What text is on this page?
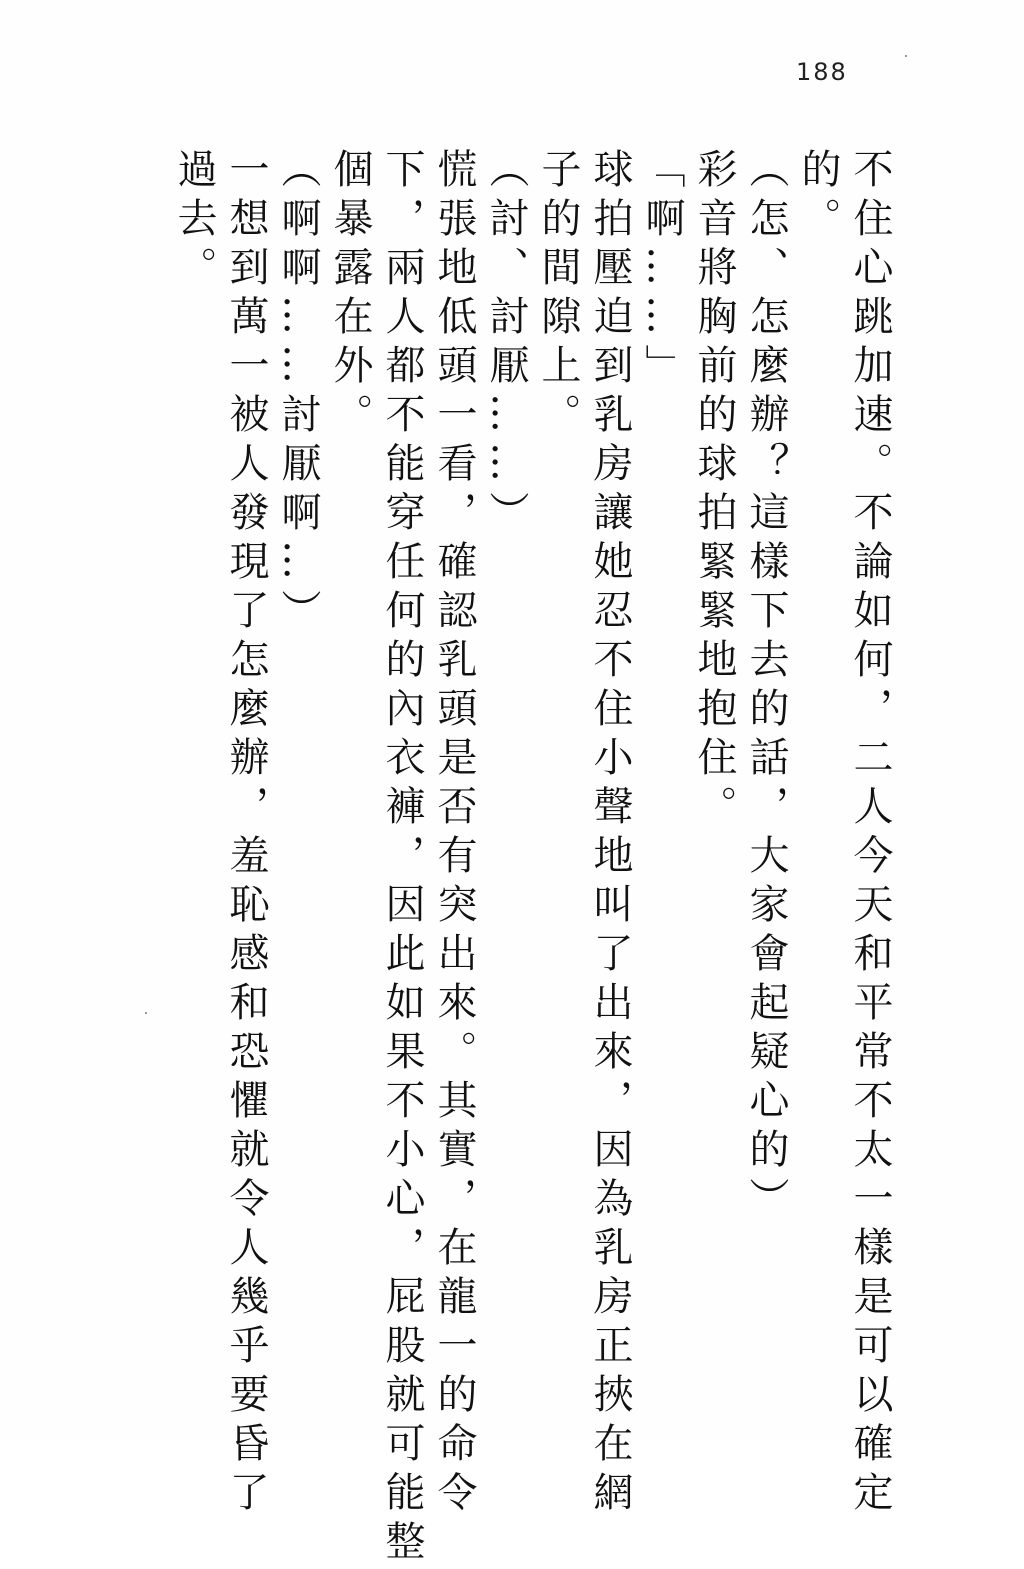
188
不住心跳加速。不論如何，二人今天和平常不太一樣是可以確定
的。
（怎、怎麼辦？這樣下去的話，大家會起疑心的）
彩音將胸前的球拍緊緊地抱住。
「啊……」
球拍壓迫到乳房讓她忍不住小聲地叫了出來，因為乳房正挾在網
子的間隙上。
（討、討厭……）
慌張地低頭一看，確認乳頭是否有突出來。其實，在龍一的命令
下，兩人都不能穿任何的內衣褲，因此如果不小心，屁股就可能整
個暴露在外。
（啊啊……討厭啊…）
一想到萬一被人發現了怎麼辦，羞恥感和恐懼就令人幾乎要昏了
過去。
